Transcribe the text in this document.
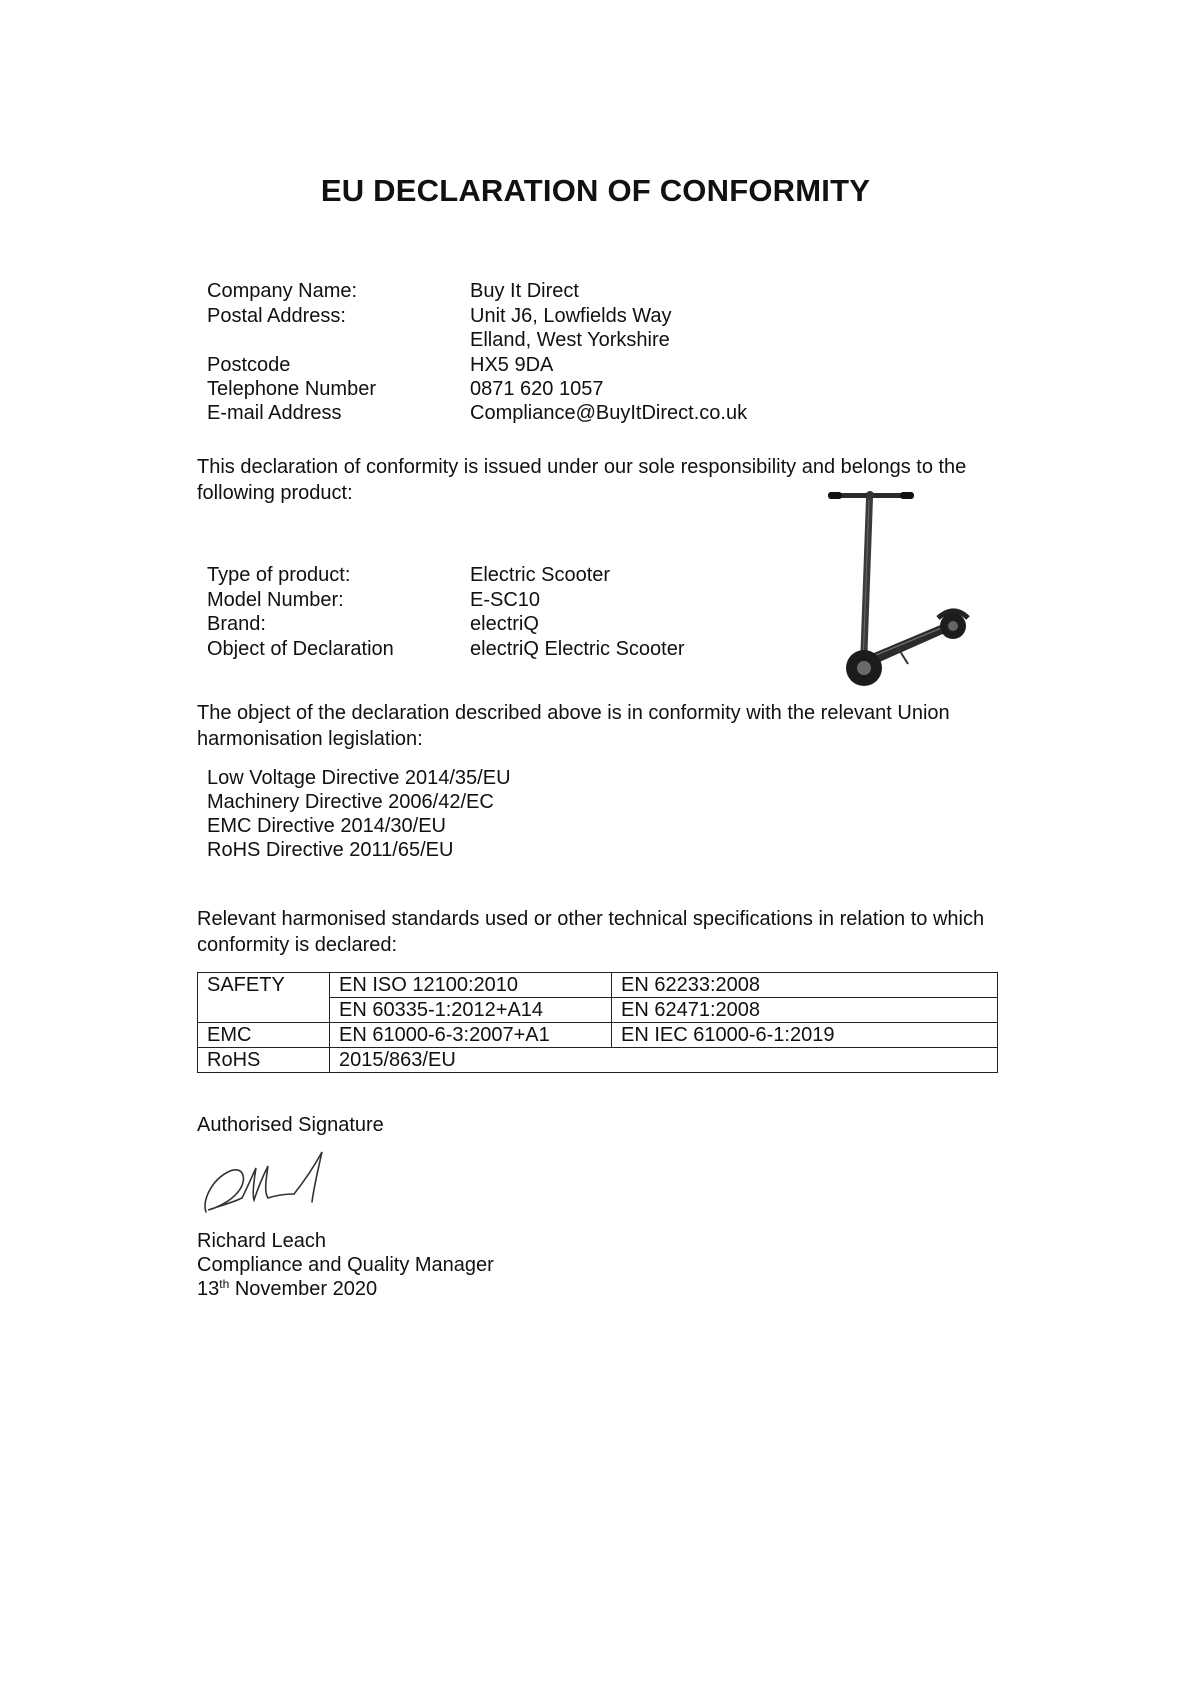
EU DECLARATION OF CONFORMITY
Company Name:	Buy It Direct
Postal Address:	Unit J6, Lowfields Way
Elland, West Yorkshire
Postcode	HX5 9DA
Telephone Number	0871 620 1057
E-mail Address	Compliance@BuyItDirect.co.uk
This declaration of conformity is issued under our sole responsibility and belongs to the following product:
Type of product:	Electric Scooter
Model Number:	E-SC10
Brand:	electriQ
Object of Declaration	electriQ Electric Scooter
The object of the declaration described above is in conformity with the relevant Union harmonisation legislation:
Low Voltage Directive 2014/35/EU
Machinery Directive 2006/42/EC
EMC Directive 2014/30/EU
RoHS Directive 2011/65/EU
Relevant harmonised standards used or other technical specifications in relation to which conformity is declared:
SAFETY	EN ISO 12100:2010	EN 62233:2008
	EN 60335-1:2012+A14	EN 62471:2008
EMC	EN 61000-6-3:2007+A1	EN IEC 61000-6-1:2019
RoHS	2015/863/EU	
Authorised Signature
Richard Leach
Compliance and Quality Manager
13th November 2020
